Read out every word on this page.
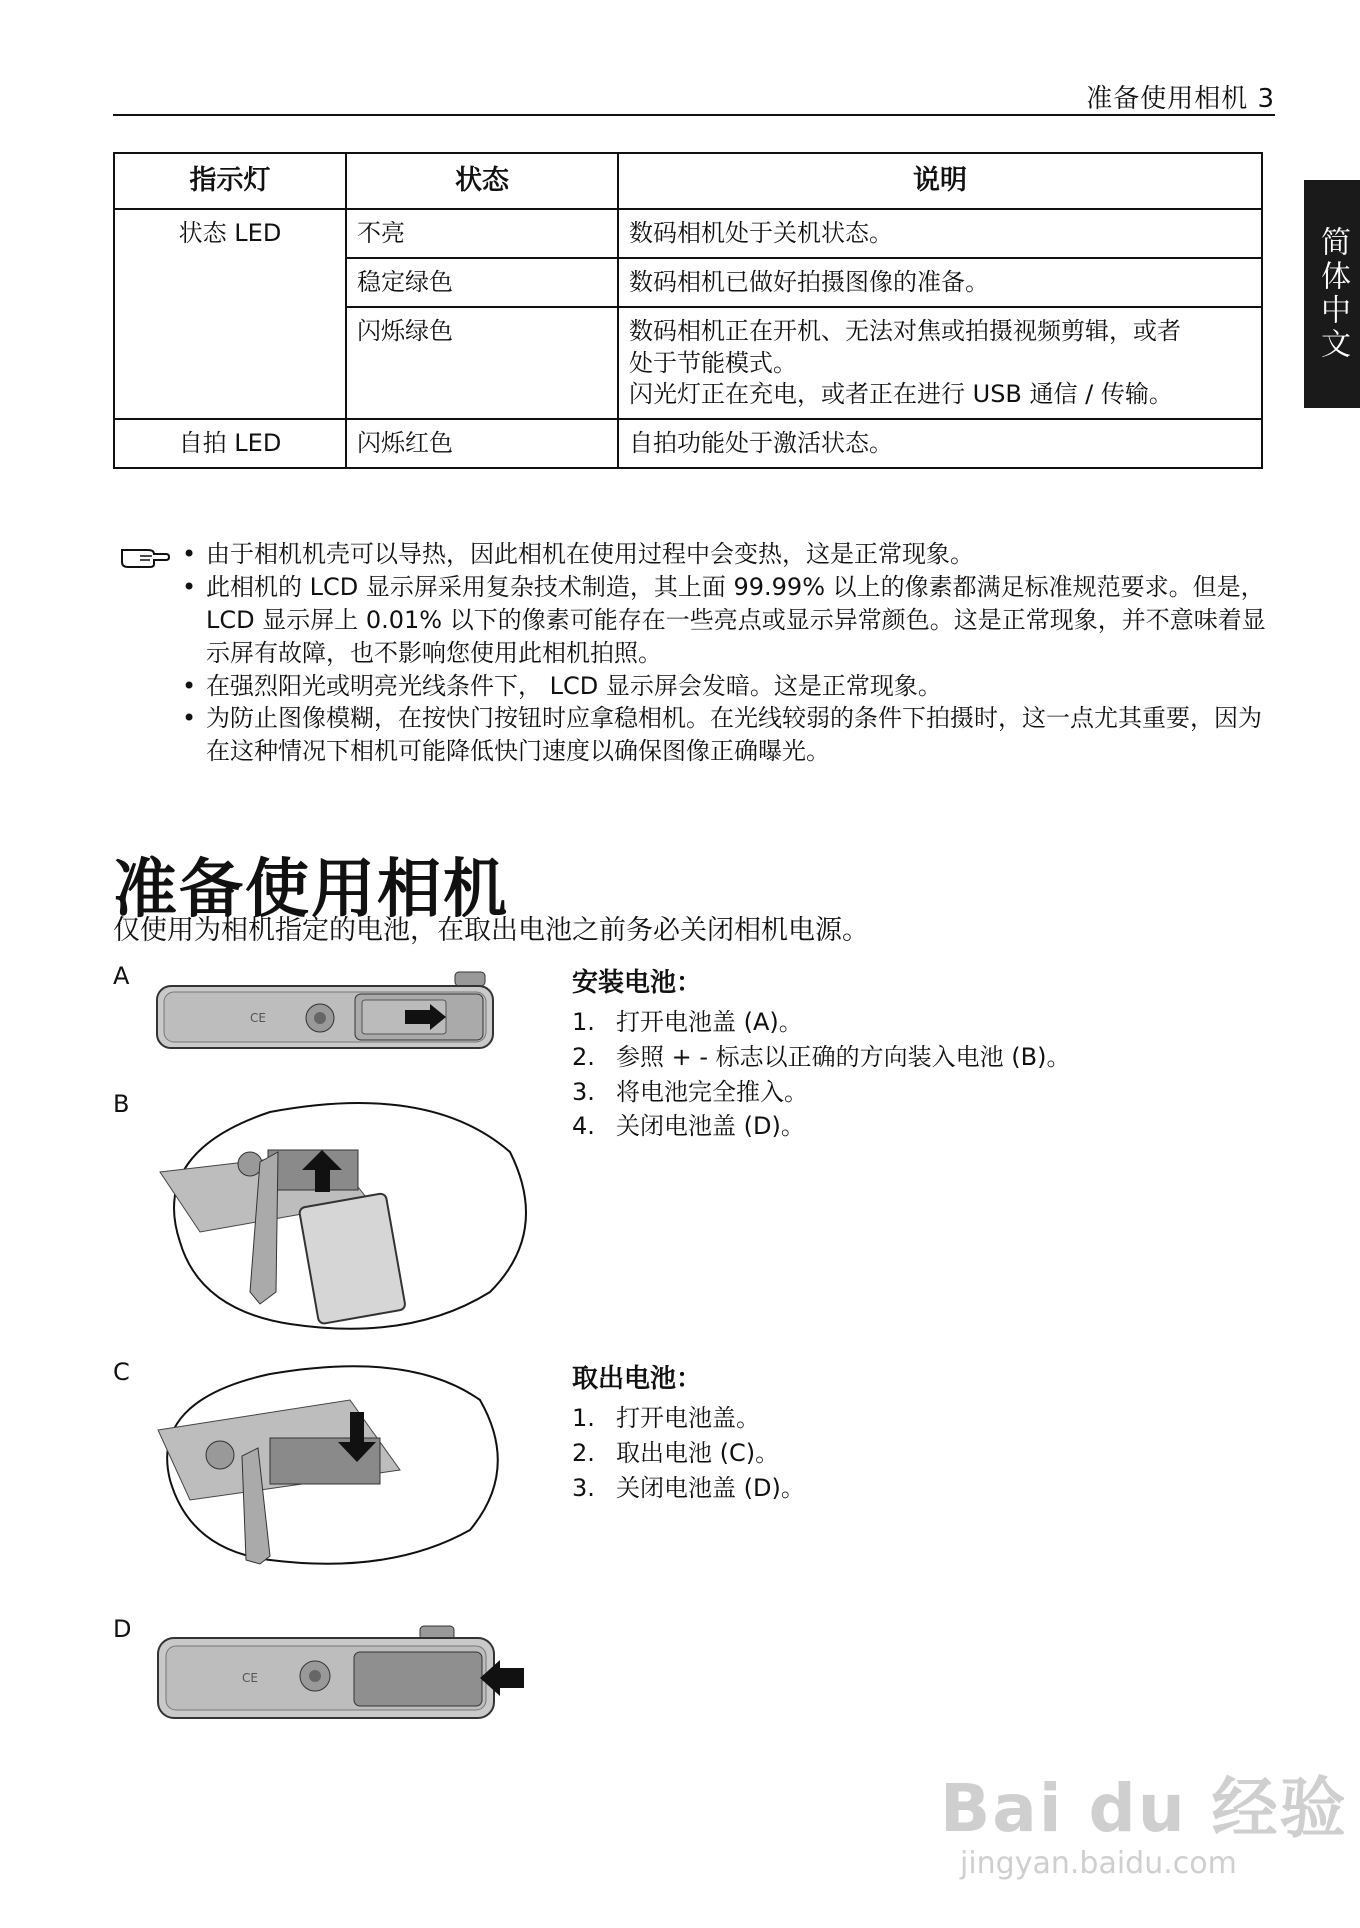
准备使用相机 3
简体中文
指示灯	状态	说明
状态 LED	不亮	数码相机处于关机状态。
	稳定绿色	数码相机已做好拍摄图像的准备。
	闪烁绿色	数码相机正在开机、无法对焦或拍摄视频剪辑，或者
处于节能模式。
闪光灯正在充电，或者正在进行 USB 通信 / 传输。

自拍 LED	闪烁红色	自拍功能处于激活状态。
• 由于相机机壳可以导热，因此相机在使用过程中会变热，这是正常现象。
• 此相机的 LCD 显示屏采用复杂技术制造，其上面 99.99% 以上的像素都满足标准规范要求。但是， LCD 显示屏上 0.01% 以下的像素可能存在一些亮点或显示异常颜色。这是正常现象，并不意味着显示屏有故障，也不影响您使用此相机拍照。
• 在强烈阳光或明亮光线条件下， LCD 显示屏会发暗。这是正常现象。
• 为防止图像模糊，在按快门按钮时应拿稳相机。在光线较弱的条件下拍摄时，这一点尤其重要，因为在这种情况下相机可能降低快门速度以确保图像正确曝光。
准备使用相机
仅使用为相机指定的电池，在取出电池之前务必关闭相机电源。
A
CE
安装电池：
1. 打开电池盖 (A)。
2. 参照 + - 标志以正确的方向装入电池 (B)。
3. 将电池完全推入。
4. 关闭电池盖 (D)。
B
C	取出电池：
1. 打开电池盖。
2. 取出电池 (C)。
3. 关闭电池盖 (D)。
D
CE
Bai du 经验
jingyan.baidu.com
